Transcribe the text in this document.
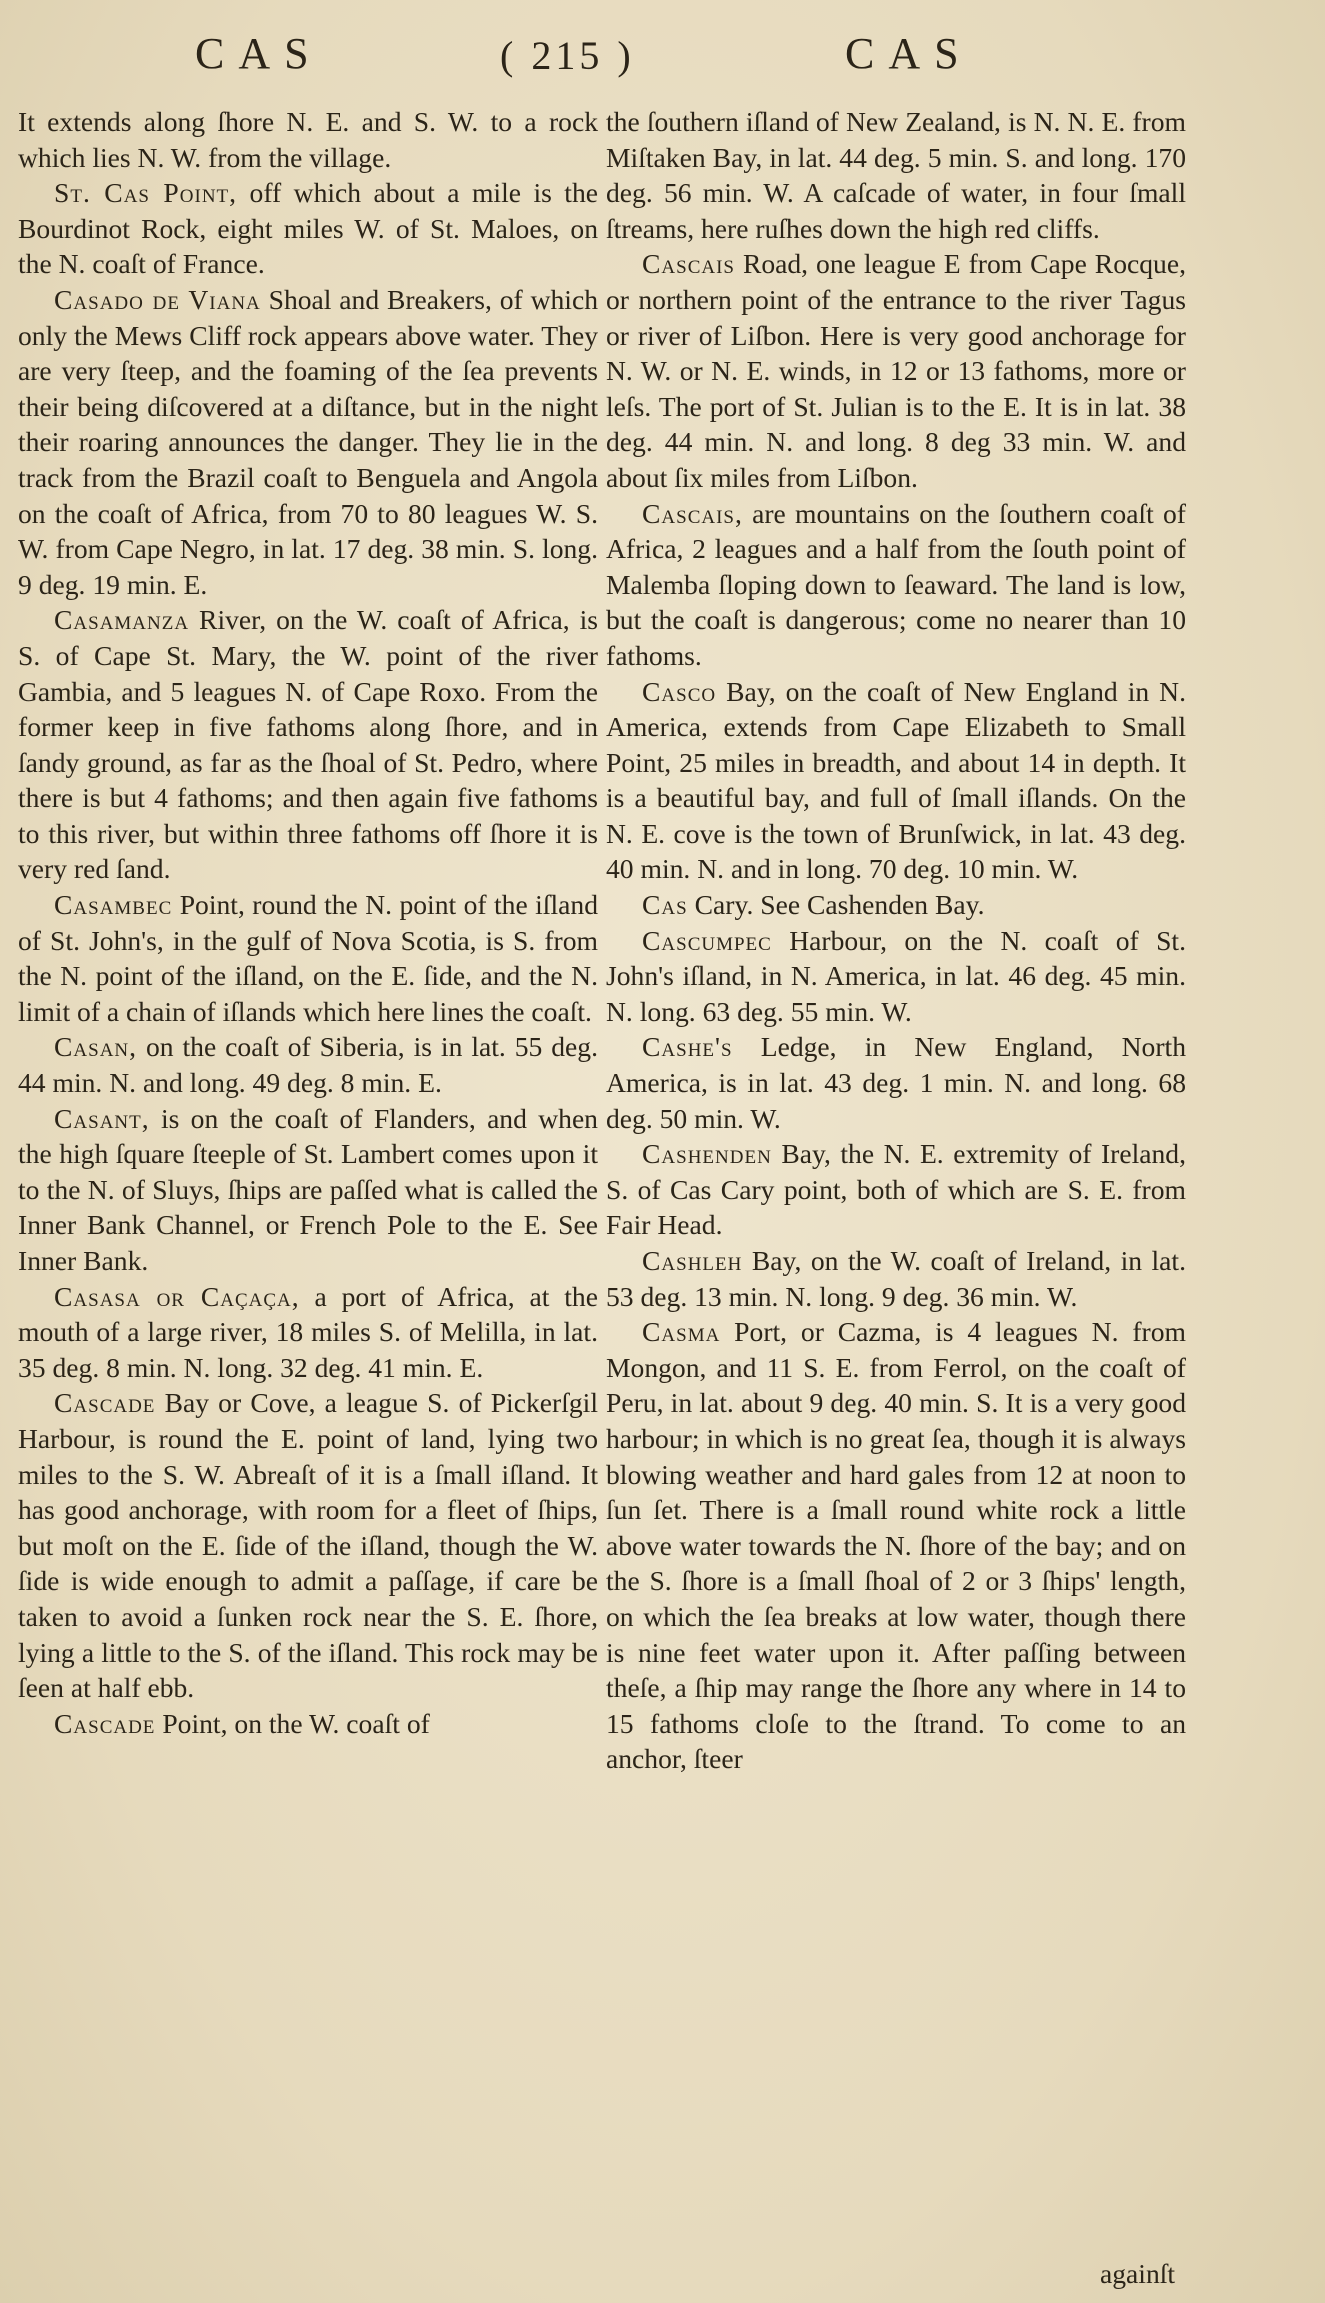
CAS	( 215 )	CAS

It extends along ſhore N. E. and S. W. to a rock which lies N. W. from the village.

St. Cas Point, off which about a mile is the Bourdinot Rock, eight miles W. of St. Maloes, on the N. coaſt of France.

Casado de Viana Shoal and Breakers, of which only the Mews Cliff rock appears above water. They are very ſteep, and the foaming of the ſea prevents their being diſcovered at a diſtance, but in the night their roaring announces the danger. They lie in the track from the Brazil coaſt to Benguela and Angola on the coaſt of Africa, from 70 to 80 leagues W. S. W. from Cape Negro, in lat. 17 deg. 38 min. S. long. 9 deg. 19 min. E.

Casamanza River, on the W. coaſt of Africa, is S. of Cape St. Mary, the W. point of the river Gambia, and 5 leagues N. of Cape Roxo. From the former keep in five fathoms along ſhore, and in ſandy ground, as far as the ſhoal of St. Pedro, where there is but 4 fathoms; and then again five fathoms to this river, but within three fathoms off ſhore it is very red ſand.

Casambec Point, round the N. point of the iſland of St. John's, in the gulf of Nova Scotia, is S. from the N. point of the iſland, on the E. ſide, and the N. limit of a chain of iſlands which here lines the coaſt.

Casan, on the coaſt of Siberia, is in lat. 55 deg. 44 min. N. and long. 49 deg. 8 min. E.

Casant, is on the coaſt of Flanders, and when the high ſquare ſteeple of St. Lambert comes upon it to the N. of Sluys, ſhips are paſſed what is called the Inner Bank Channel, or French Pole to the E. See Inner Bank.

Casasa or Caçaça, a port of Africa, at the mouth of a large river, 18 miles S. of Melilla, in lat. 35 deg. 8 min. N. long. 32 deg. 41 min. E.

Cascade Bay or Cove, a league S. of Pickerſgil Harbour, is round the E. point of land, lying two miles to the S. W. Abreaſt of it is a ſmall iſland. It has good anchorage, with room for a fleet of ſhips, but moſt on the E. ſide of the iſland, though the W. ſide is wide enough to admit a paſſage, if care be taken to avoid a ſunken rock near the S. E. ſhore, lying a little to the S. of the iſland. This rock may be ſeen at half ebb.

Cascade Point, on the W. coaſt of

the ſouthern iſland of New Zealand, is N. N. E. from Miſtaken Bay, in lat. 44 deg. 5 min. S. and long. 170 deg. 56 min. W. A caſcade of water, in four ſmall ſtreams, here ruſhes down the high red cliffs.

Cascais Road, one league E from Cape Rocque, or northern point of the entrance to the river Tagus or river of Liſbon. Here is very good anchorage for N. W. or N. E. winds, in 12 or 13 fathoms, more or leſs. The port of St. Julian is to the E. It is in lat. 38 deg. 44 min. N. and long. 8 deg 33 min. W. and about ſix miles from Liſbon.

Cascais, are mountains on the ſouthern coaſt of Africa, 2 leagues and a half from the ſouth point of Malemba ſloping down to ſeaward. The land is low, but the coaſt is dangerous; come no nearer than 10 fathoms.

Casco Bay, on the coaſt of New England in N. America, extends from Cape Elizabeth to Small Point, 25 miles in breadth, and about 14 in depth. It is a beautiful bay, and full of ſmall iſlands. On the N. E. cove is the town of Brunſwick, in lat. 43 deg. 40 min. N. and in long. 70 deg. 10 min. W.

Cas Cary. See Cashenden Bay.

Cascumpec Harbour, on the N. coaſt of St. John's iſland, in N. America, in lat. 46 deg. 45 min. N. long. 63 deg. 55 min. W.

Cashe's Ledge, in New England, North America, is in lat. 43 deg. 1 min. N. and long. 68 deg. 50 min. W.

Cashenden Bay, the N. E. extremity of Ireland, S. of Cas Cary point, both of which are S. E. from Fair Head.

Cashleh Bay, on the W. coaſt of Ireland, in lat. 53 deg. 13 min. N. long. 9 deg. 36 min. W.

Casma Port, or Cazma, is 4 leagues N. from Mongon, and 11 S. E. from Ferrol, on the coaſt of Peru, in lat. about 9 deg. 40 min. S. It is a very good harbour; in which is no great ſea, though it is always blowing weather and hard gales from 12 at noon to ſun ſet. There is a ſmall round white rock a little above water towards the N. ſhore of the bay; and on the S. ſhore is a ſmall ſhoal of 2 or 3 ſhips' length, on which the ſea breaks at low water, though there is nine feet water upon it. After paſſing between theſe, a ſhip may range the ſhore any where in 14 to 15 fathoms cloſe to the ſtrand. To come to an anchor, ſteer

againſt
